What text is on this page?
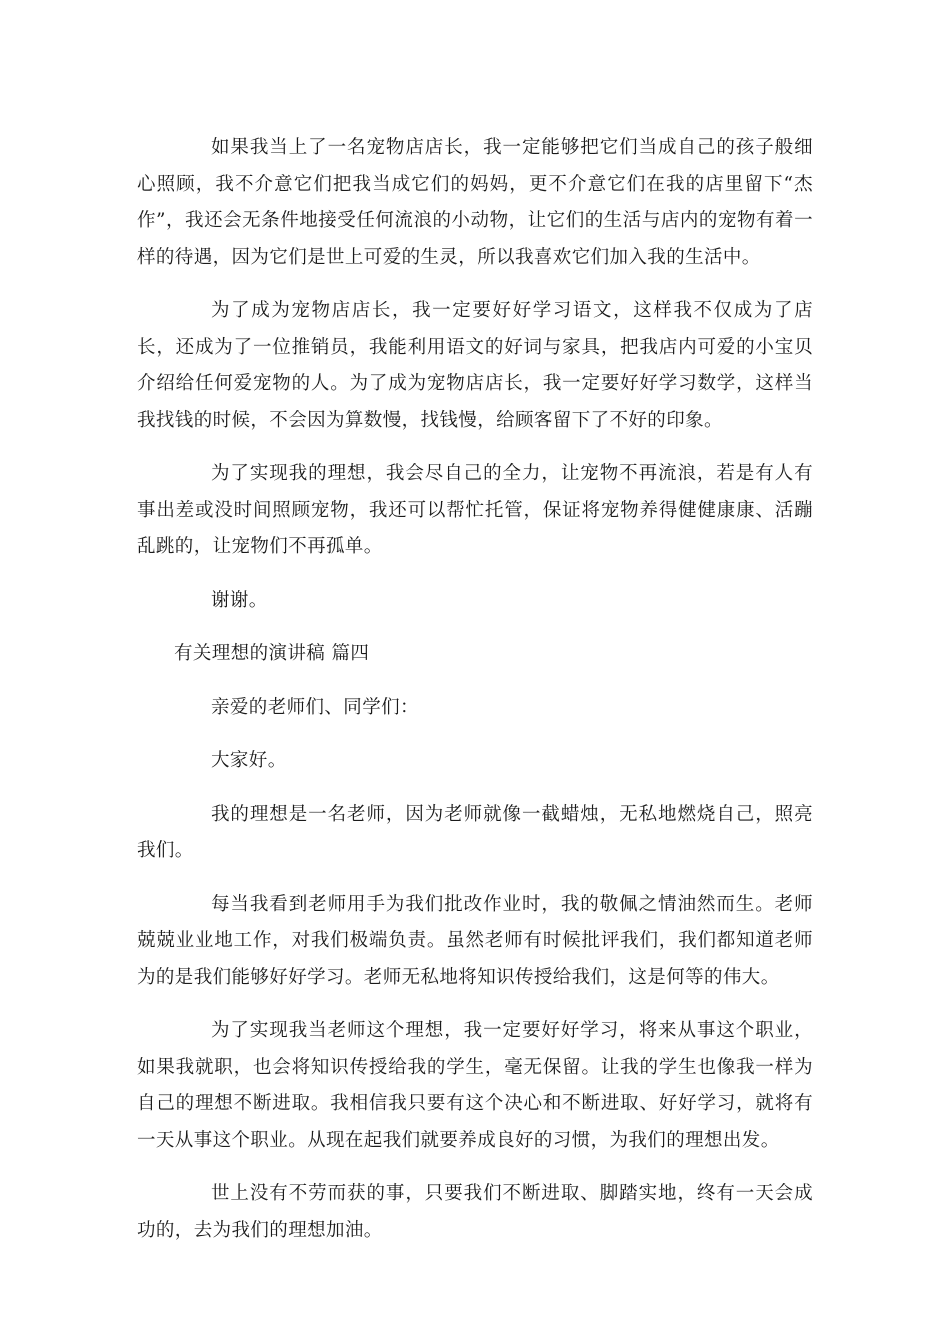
如果我当上了一名宠物店店长，我一定能够把它们当成自己的孩子般细心照顾，我不介意它们把我当成它们的妈妈，更不介意它们在我的店里留下“杰作”，我还会无条件地接受任何流浪的小动物，让它们的生活与店内的宠物有着一样的待遇，因为它们是世上可爱的生灵，所以我喜欢它们加入我的生活中。

为了成为宠物店店长，我一定要好好学习语文，这样我不仅成为了店长，还成为了一位推销员，我能利用语文的好词与家具，把我店内可爱的小宝贝介绍给任何爱宠物的人。为了成为宠物店店长，我一定要好好学习数学，这样当我找钱的时候，不会因为算数慢，找钱慢，给顾客留下了不好的印象。

为了实现我的理想，我会尽自己的全力，让宠物不再流浪，若是有人有事出差或没时间照顾宠物，我还可以帮忙托管，保证将宠物养得健健康康、活蹦乱跳的，让宠物们不再孤单。

谢谢。

有关理想的演讲稿 篇四

亲爱的老师们、同学们：

大家好。

我的理想是一名老师，因为老师就像一截蜡烛，无私地燃烧自己，照亮我们。

每当我看到老师用手为我们批改作业时，我的敬佩之情油然而生。老师兢兢业业地工作，对我们极端负责。虽然老师有时候批评我们，我们都知道老师为的是我们能够好好学习。老师无私地将知识传授给我们，这是何等的伟大。

为了实现我当老师这个理想，我一定要好好学习，将来从事这个职业，如果我就职，也会将知识传授给我的学生，毫无保留。让我的学生也像我一样为自己的理想不断进取。我相信我只要有这个决心和不断进取、好好学习，就将有一天从事这个职业。从现在起我们就要养成良好的习惯，为我们的理想出发。

世上没有不劳而获的事，只要我们不断进取、脚踏实地，终有一天会成功的，去为我们的理想加油。
